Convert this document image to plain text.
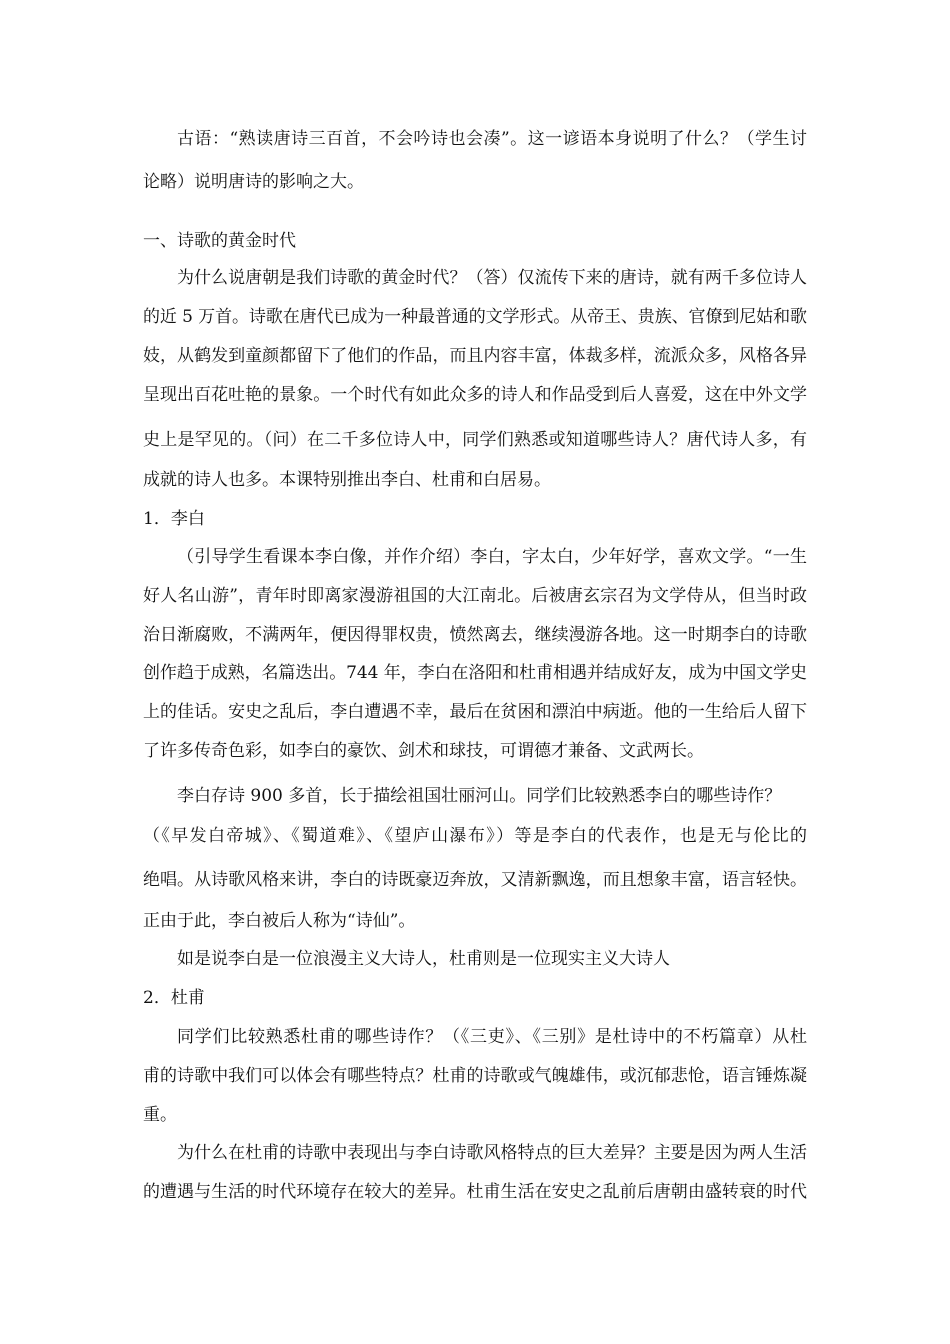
古语：“熟读唐诗三百首，不会吟诗也会凑”。这一谚语本身说明了什么？（学生讨
论略）说明唐诗的影响之大。
一、诗歌的黄金时代
为什么说唐朝是我们诗歌的黄金时代？（答）仅流传下来的唐诗，就有两千多位诗人
的近 5 万首。诗歌在唐代已成为一种最普通的文学形式。从帝王、贵族、官僚到尼姑和歌
妓，从鹤发到童颜都留下了他们的作品，而且内容丰富，体裁多样，流派众多，风格各异
呈现出百花吐艳的景象。一个时代有如此众多的诗人和作品受到后人喜爱，这在中外文学
史上是罕见的。（问）在二千多位诗人中，同学们熟悉或知道哪些诗人？唐代诗人多，有
成就的诗人也多。本课特别推出李白、杜甫和白居易。
1．李白
（引导学生看课本李白像，并作介绍）李白，字太白，少年好学，喜欢文学。“一生
好人名山游”，青年时即离家漫游祖国的大江南北。后被唐玄宗召为文学侍从，但当时政
治日渐腐败，不满两年，便因得罪权贵，愤然离去，继续漫游各地。这一时期李白的诗歌
创作趋于成熟，名篇迭出。744 年，李白在洛阳和杜甫相遇并结成好友，成为中国文学史
上的佳话。安史之乱后，李白遭遇不幸，最后在贫困和漂泊中病逝。他的一生给后人留下
了许多传奇色彩，如李白的豪饮、剑术和球技，可谓德才兼备、文武两长。
李白存诗 900 多首，长于描绘祖国壮丽河山。同学们比较熟悉李白的哪些诗作？
（《早发白帝城》、《蜀道难》、《望庐山瀑布》）等是李白的代表作，也是无与伦比的
绝唱。从诗歌风格来讲，李白的诗既豪迈奔放，又清新飘逸，而且想象丰富，语言轻快。
正由于此，李白被后人称为“诗仙”。
如是说李白是一位浪漫主义大诗人，杜甫则是一位现实主义大诗人
2．杜甫
同学们比较熟悉杜甫的哪些诗作？（《三吏》、《三别》是杜诗中的不朽篇章）从杜
甫的诗歌中我们可以体会有哪些特点？杜甫的诗歌或气魄雄伟，或沉郁悲怆，语言锤炼凝
重。
为什么在杜甫的诗歌中表现出与李白诗歌风格特点的巨大差异？主要是因为两人生活
的遭遇与生活的时代环境存在较大的差异。杜甫生活在安史之乱前后唐朝由盛转衰的时代
